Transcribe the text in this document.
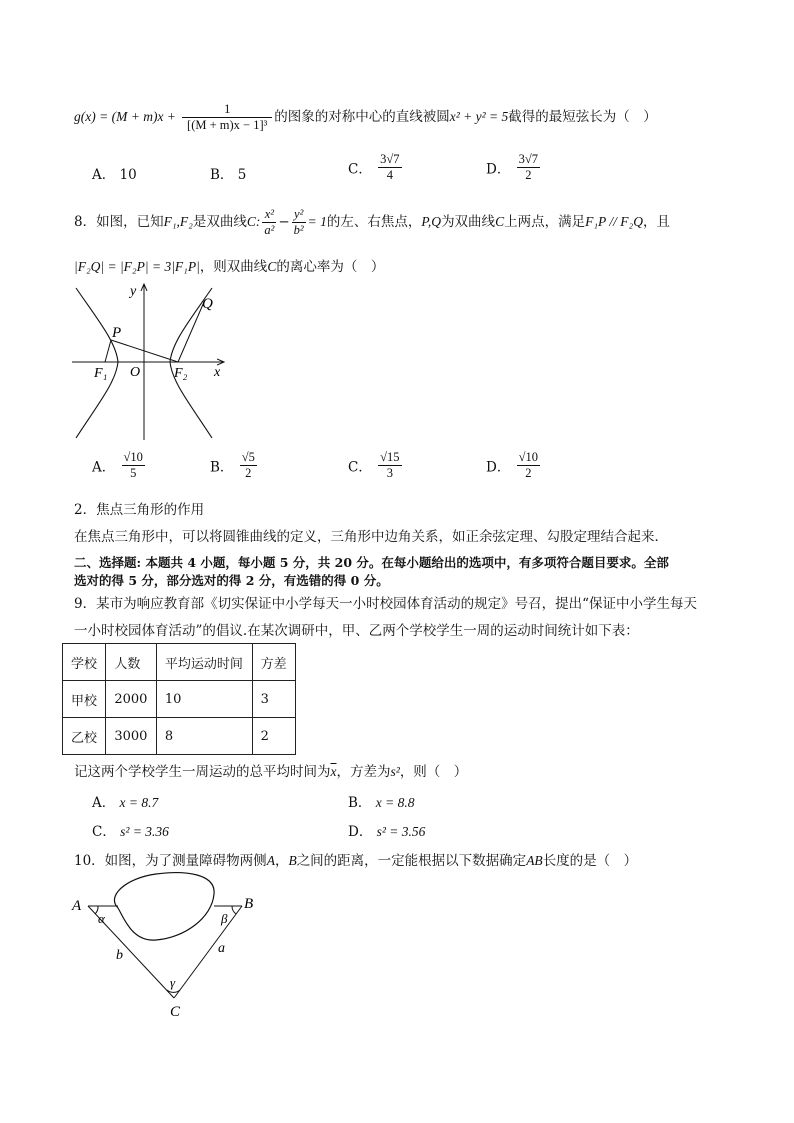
$g(x) = (M + m)x + \frac{1}{\text{[(M + m)x − 1]³}}$ 的图象的对称中心的直线被圆x² + y² = 5截得的最短弦长为（　）
A． 10	B． 5	C． $\frac{3√7}{4}$	D． $\frac{3√7}{2}$
8．如图，已知F₁,F₂是双曲线C: $\frac{\text{x²}}{\text{a²}} - \frac{\text{y²}}{\text{b²}} = 1$的左、右焦点，P,Q为双曲线C上两点，满足F₁P // F₂Q，且
|F₂Q| = |F₂P| = 3|F₁P|，则双曲线C的离心率为（　）
y
x
O
P
Q
F₁	F₂
A． $\frac{√10}{5}$	B． $\frac{√5}{2}$	C． $\frac{√15}{3}$	D． $\frac{√10}{2}$
2．焦点三角形的作用
在焦点三角形中，可以将圆锥曲线的定义，三角形中边角关系，如正余弦定理、勾股定理结合起来．
二、选择题: 本题共 4 小题，每小题 5 分，共 20 分。在每小题给出的选项中，有多项符合题目要求。全部
选对的得 5 分，部分选对的得 2 分，有选错的得 0 分。
9．某市为响应教育部《切实保证中小学每天一小时校园体育活动的规定》号召，提出“保证中小学生每天
一小时校园体育活动”的倡议.在某次调研中，甲、乙两个学校学生一周的运动时间统计如下表：
学校	人数	平均运动时间	方差
甲校	2000	10	3
乙校	3000	8	2
记这两个学校学生一周运动的总平均时间为$\overline{x}$，方差为s²，则（　）
A． x = 8.7	B． x = 8.8
C． s² = 3.36	D． s² = 3.56
10．如图，为了测量障碍物两侧A，B之间的距离，一定能根据以下数据确定AB长度的是（　）
A	B
C
α	β
γ
b	a
